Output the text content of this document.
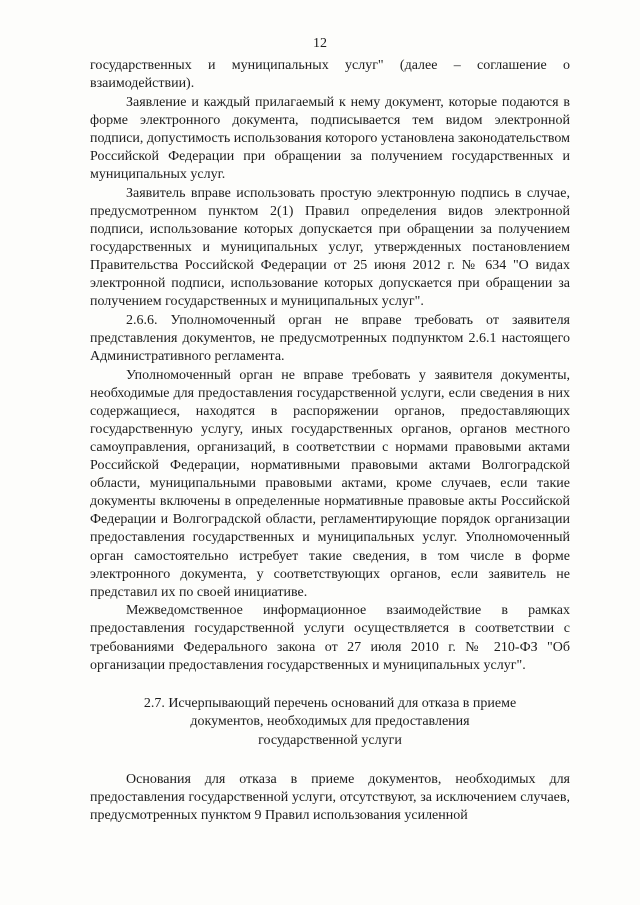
12

государственных и муниципальных услуг" (далее – соглашение о взаимодействии).

Заявление и каждый прилагаемый к нему документ, которые подаются в форме электронного документа, подписывается тем видом электронной подписи, допустимость использования которого установлена законодательством Российской Федерации при обращении за получением государственных и муниципальных услуг.

Заявитель вправе использовать простую электронную подпись в случае, предусмотренном пунктом 2(1) Правил определения видов электронной подписи, использование которых допускается при обращении за получением государственных и муниципальных услуг, утвержденных постановлением Правительства Российской Федерации от 25 июня 2012 г. № 634 "О видах электронной подписи, использование которых допускается при обращении за получением государственных и муниципальных услуг".

2.6.6. Уполномоченный орган не вправе требовать от заявителя представления документов, не предусмотренных подпунктом 2.6.1 настоящего Административного регламента.

Уполномоченный орган не вправе требовать у заявителя документы, необходимые для предоставления государственной услуги, если сведения в них содержащиеся, находятся в распоряжении органов, предоставляющих государственную услугу, иных государственных органов, органов местного самоуправления, организаций, в соответствии с нормами правовыми актами Российской Федерации, нормативными правовыми актами Волгоградской области, муниципальными правовыми актами, кроме случаев, если такие документы включены в определенные нормативные правовые акты Российской Федерации и Волгоградской области, регламентирующие порядок организации предоставления государственных и муниципальных услуг. Уполномоченный орган самостоятельно истребует такие сведения, в том числе в форме электронного документа, у соответствующих органов, если заявитель не представил их по своей инициативе.

Межведомственное информационное взаимодействие в рамках предоставления государственной услуги осуществляется в соответствии с требованиями Федерального закона от 27 июля 2010 г. № 210-ФЗ "Об организации предоставления государственных и муниципальных услуг".

2.7. Исчерпывающий перечень оснований для отказа в приеме
документов, необходимых для предоставления
государственной услуги

Основания для отказа в приеме документов, необходимых для предоставления государственной услуги, отсутствуют, за исключением случаев, предусмотренных пунктом 9 Правил использования усиленной
